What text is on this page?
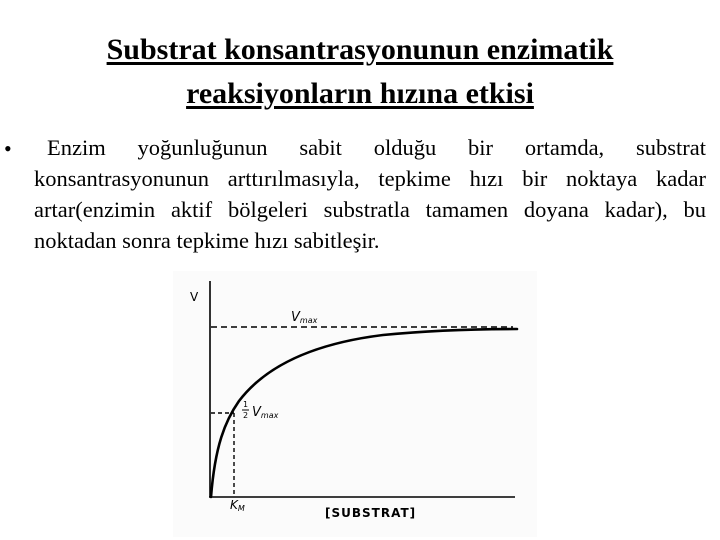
Substrat konsantrasyonunun enzimatik
reaksiyonların hızına etkisi
•	Enzim yoğunluğunun sabit olduğu bir ortamda, substrat konsantrasyonunun arttırılmasıyla, tepkime hızı bir noktaya kadar artar(enzimin aktif bölgeleri substratla tamamen doyana kadar), bu noktadan sonra tepkime hızı sabitleşir.
V
Vmax
1
2 Vmax
KM	[SUBSTRAT]
